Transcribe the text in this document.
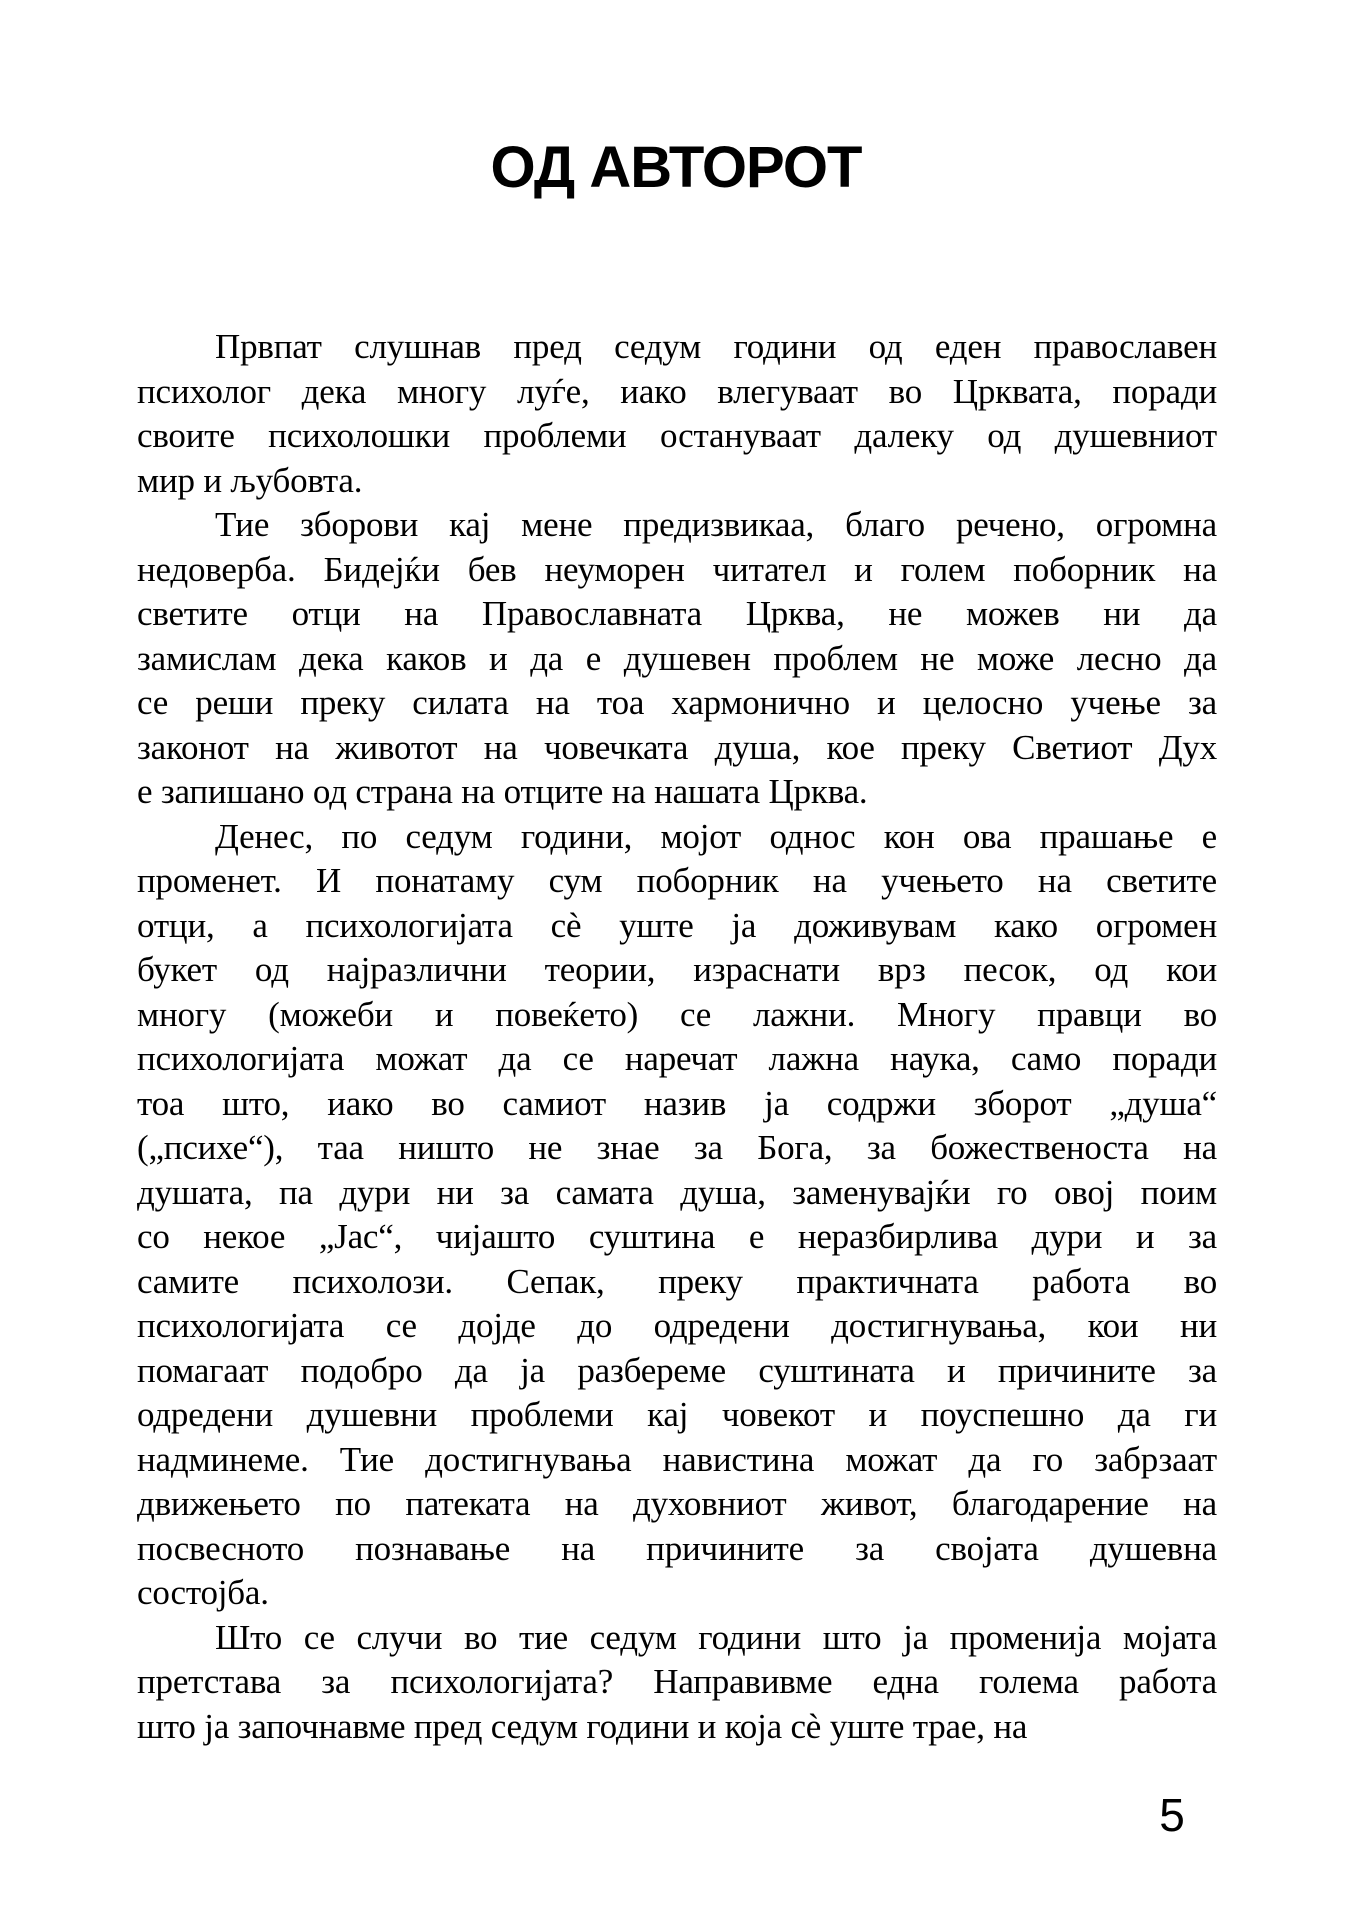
ОД АВТОРОТ
Првпат слушнав пред седум години од еден православен
психолог дека многу луѓе, иако влегуваат во Црквата, поради
своите психолошки проблеми остануваат далеку од душевниот
мир и љубовта.
Тие зборови кај мене предизвикаа, благо речено, огромна
недоверба. Бидејќи бев неуморен читател и голем поборник на
светите отци на Православната Црква, не можев ни да
замислам дека каков и да е душевен проблем не може лесно да
се реши преку силата на тоа хармонично и целосно учење за
законот на животот на човечката душа, кое преку Светиот Дух
е запишано од страна на отците на нашата Црква.
Денес, по седум години, мојот однос кон ова прашање е
променет. И понатаму сум поборник на учењето на светите
отци, а психологијата сѐ уште ја доживувам како огромен
букет од најразлични теории, израснати врз песок, од кои
многу (можеби и повеќето) се лажни. Многу правци во
психологијата можат да се наречат лажна наука, само поради
тоа што, иако во самиот назив ја содржи зборот „душа“
(„психе“), таа ништо не знае за Бога, за божественоста на
душата, па дури ни за самата душа, заменувајќи го овој поим
со некое „Јас“, чијашто суштина е неразбирлива дури и за
самите психолози. Сепак, преку практичната работа во
психологијата се дојде до одредени достигнувања, кои ни
помагаат подобро да ја разбереме суштината и причините за
одредени душевни проблеми кај човекот и поуспешно да ги
надминеме. Тие достигнувања навистина можат да го забрзаат
движењето по патеката на духовниот живот, благодарение на
посвесното познавање на причините за својата душевна
состојба.
Што се случи во тие седум години што ја променија мојата
претстава за психологијата? Направивме една голема работа
што ја започнавме пред седум години и која сѐ уште трае, на
5
